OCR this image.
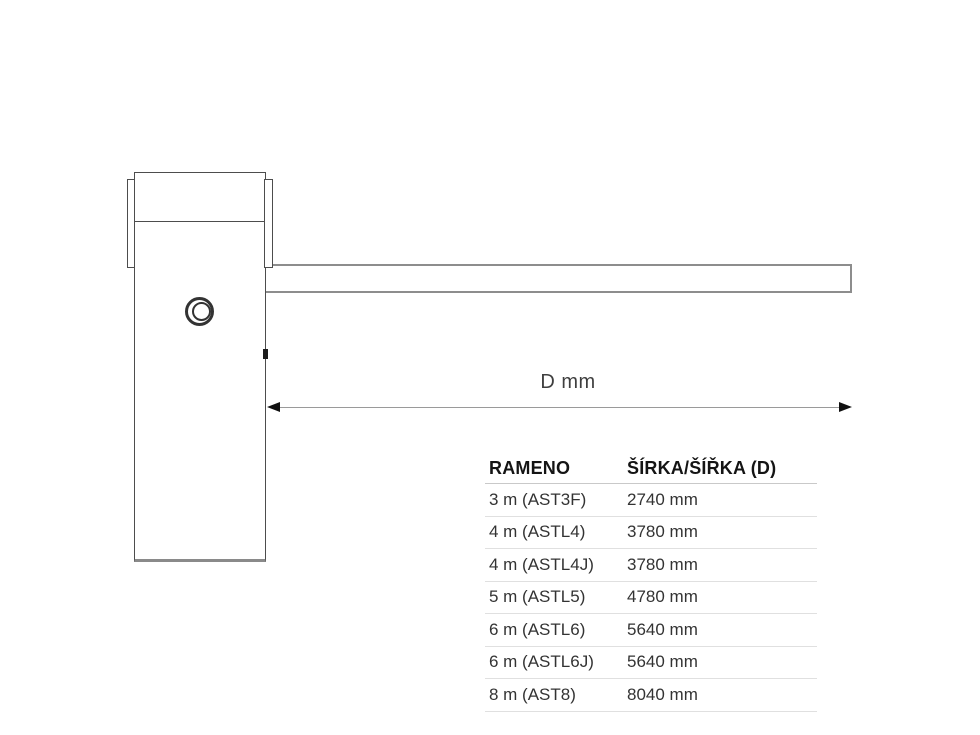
D mm
RAMENO	ŠÍRKA/ŠÍŘKA (D)
3 m (AST3F)	2740 mm
4 m (ASTL4)	3780 mm
4 m (ASTL4J)	3780 mm
5 m (ASTL5)	4780 mm
6 m (ASTL6)	5640 mm
6 m (ASTL6J)	5640 mm
8 m (AST8)	8040 mm
